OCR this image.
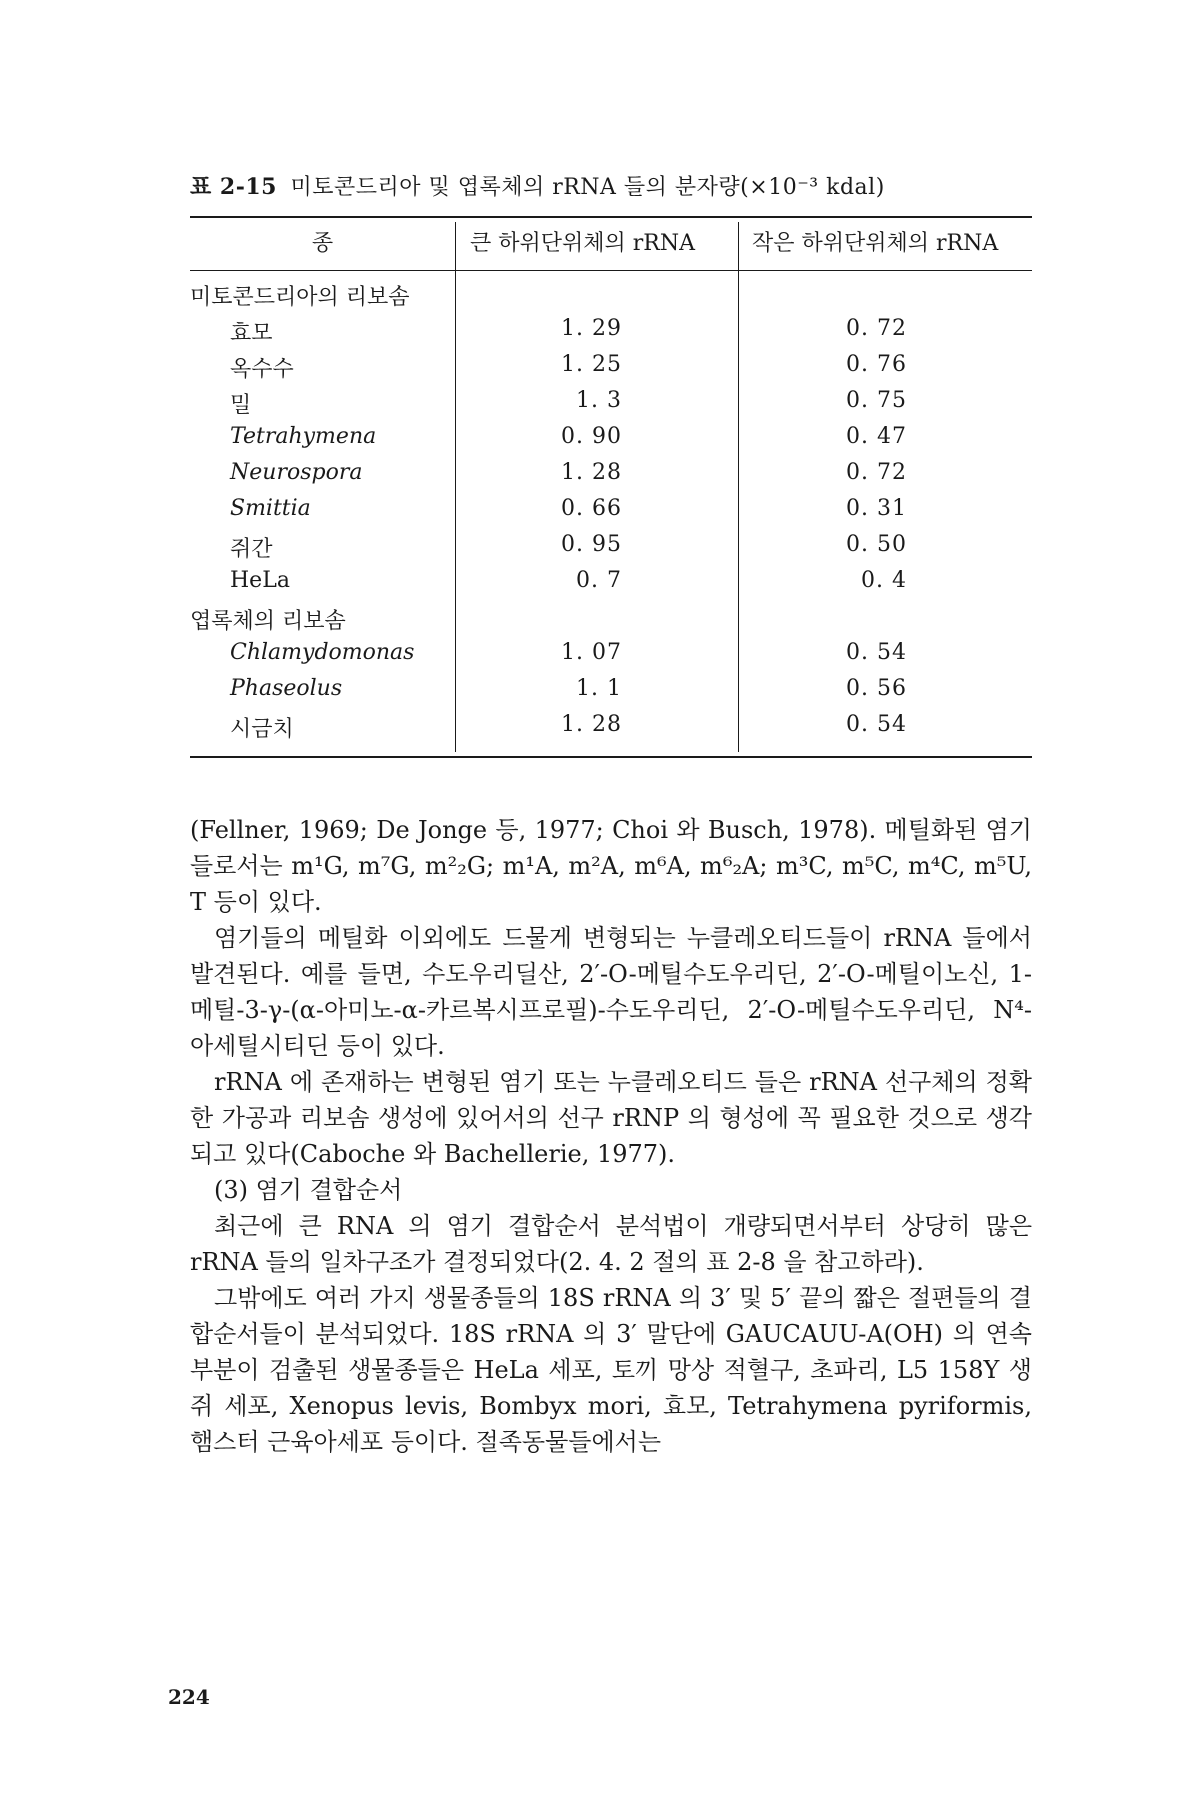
표 2-15 미토콘드리아 및 엽록체의 rRNA 들의 분자량(×10⁻³ kdal)
종	큰 하위단위체의 rRNA	작은 하위단위체의 rRNA
미토콘드리아의 리보솜
효모	1. 29	0. 72
옥수수	1. 25	0. 76
밀	1. 3	0. 75
Tetrahymena	0. 90	0. 47
Neurospora	1. 28	0. 72
Smittia	0. 66	0. 31
쥐간	0. 95	0. 50
HeLa	0. 7	0. 4
엽록체의 리보솜
Chlamydomonas	1. 07	0. 54
Phaseolus	1. 1	0. 56
시금치	1. 28	0. 54

(Fellner, 1969; De Jonge 등, 1977; Choi 와 Busch, 1978). 메틸화된 염기들로서는 m¹G, m⁷G, m²₂G; m¹A, m²A, m⁶A, m⁶₂A; m³C, m⁵C, m⁴C, m⁵U, T 등이 있다.

염기들의 메틸화 이외에도 드물게 변형되는 누클레오티드들이 rRNA 들에서 발견된다. 예를 들면, 수도우리딜산, 2′-O-메틸수도우리딘, 2′-O-메틸이노신, 1-메틸-3-γ-(α-아미노-α-카르복시프로필)-수도우리딘, 2′-O-메틸수도우리딘, N⁴-아세틸시티딘 등이 있다.

rRNA 에 존재하는 변형된 염기 또는 누클레오티드 들은 rRNA 선구체의 정확한 가공과 리보솜 생성에 있어서의 선구 rRNP 의 형성에 꼭 필요한 것으로 생각되고 있다(Caboche 와 Bachellerie, 1977).

(3) 염기 결합순서

최근에 큰 RNA 의 염기 결합순서 분석법이 개량되면서부터 상당히 많은 rRNA 들의 일차구조가 결정되었다(2. 4. 2 절의 표 2-8 을 참고하라).

그밖에도 여러 가지 생물종들의 18S rRNA 의 3′ 및 5′ 끝의 짧은 절편들의 결합순서들이 분석되었다. 18S rRNA 의 3′ 말단에 GAUCAUU-A(OH) 의 연속부분이 검출된 생물종들은 HeLa 세포, 토끼 망상 적혈구, 초파리, L5 158Y 생쥐 세포, Xenopus levis, Bombyx mori, 효모, Tetrahymena pyriformis, 햄스터 근육아세포 등이다. 절족동물들에서는

224
